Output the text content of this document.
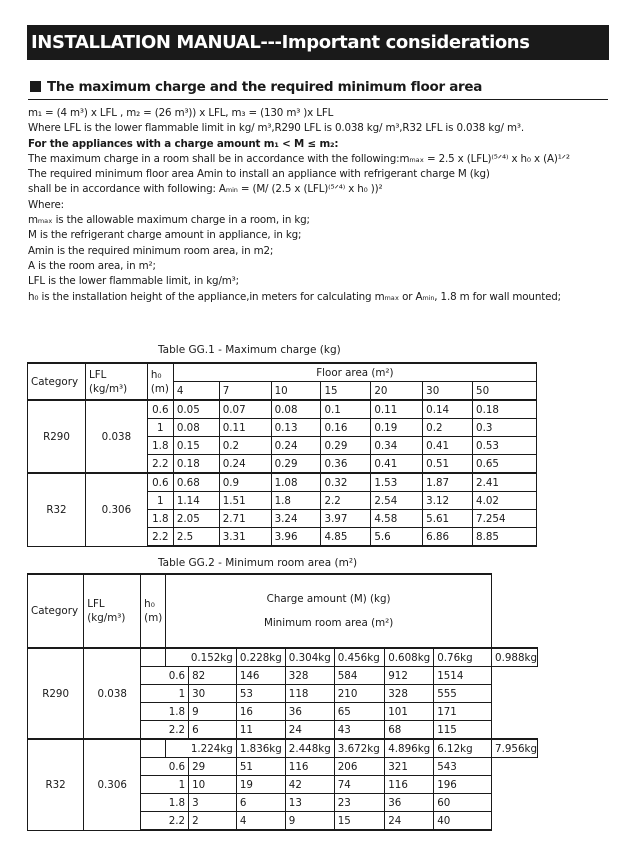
INSTALLATION MANUAL---Important considerations
The maximum charge and the required minimum floor area
m₁ = (4 m³) x LFL , m₂ = (26 m³)) x LFL, m₃ = (130 m³ )x LFL
Where LFL is the lower flammable limit in kg/ m³,R290 LFL is 0.038 kg/ m³,R32 LFL is 0.038 kg/ m³.
For the appliances with a charge amount m₁ < M ≤ m₂:
The maximum charge in a room shall be in accordance with the following:mₘₐₓ = 2.5 x (LFL)⁽⁵ᐟ⁴⁾ x h₀ x (A)¹ᐟ²
The required minimum floor area Amin to install an appliance with refrigerant charge M (kg)
shall be in accordance with following: Aₘᵢₙ = (M/ (2.5 x (LFL)⁽⁵ᐟ⁴⁾ x h₀ ))²
Where:
mₘₐₓ is the allowable maximum charge in a room, in kg;
M is the refrigerant charge amount in appliance, in kg;
Amin is the required minimum room area, in m2;
A is the room area, in m²;
LFL is the lower flammable limit, in kg/m³;
h₀ is the installation height of the appliance,in meters for calculating mₘₐₓ or Aₘᵢₙ, 1.8 m for wall mounted;
Table GG.1 - Maximum charge (kg)
Category	LFL (kg/m³)	h₀ (m)	Floor area (m²)						
			4	7	10	15	20	30	50
R290	0.038	0.6	0.05	0.07	0.08	0.1	0.11	0.14	0.18
		1	0.08	0.11	0.13	0.16	0.19	0.2	0.3
		1.8	0.15	0.2	0.24	0.29	0.34	0.41	0.53
		2.2	0.18	0.24	0.29	0.36	0.41	0.51	0.65
R32	0.306	0.6	0.68	0.9	1.08	0.32	1.53	1.87	2.41
		1	1.14	1.51	1.8	2.2	2.54	3.12	4.02
		1.8	2.05	2.71	3.24	3.97	4.58	5.61	7.254
		2.2	2.5	3.31	3.96	4.85	5.6	6.86	8.85
Table GG.2 - Minimum room area (m²)
Category	LFL (kg/m³)	h₀ (m)	Charge amount (M) (kg)
Minimum room area (m²)							

R290	0.038		0.152kg		0.228kg	0.304kg	0.456kg	0.608kg	0.76kg	0.988kg
		0.6		82	146	328	584	912	1514	
		1		30	53	118	210	328	555	
		1.8		9	16	36	65	101	171	
		2.2		6	11	24	43	68	115	
R32	0.306		1.224kg		1.836kg	2.448kg	3.672kg	4.896kg	6.12kg	7.956kg
		0.6		29	51	116	206	321	543	
		1		10	19	42	74	116	196	
		1.8		3	6	13	23	36	60	
		2.2		2	4	9	15	24	40	
